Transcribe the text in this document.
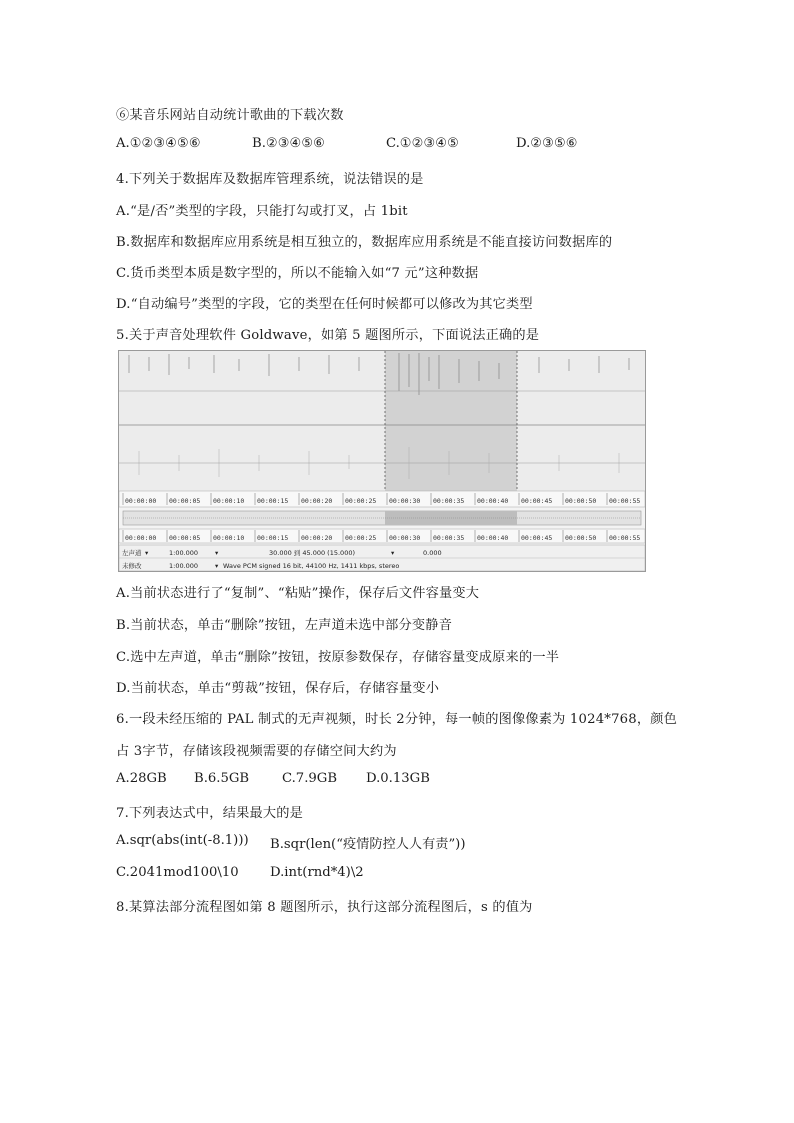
⑥某音乐网站自动统计歌曲的下载次数
A.①②③④⑤⑥	B.②③④⑤⑥	C.①②③④⑤	D.②③⑤⑥
4.下列关于数据库及数据库管理系统，说法错误的是
A.“是/否”类型的字段，只能打勾或打叉，占 1bit
B.数据库和数据库应用系统是相互独立的，数据库应用系统是不能直接访问数据库的
C.货币类型本质是数字型的，所以不能输入如“7 元”这种数据
D.“自动编号”类型的字段，它的类型在任何时候都可以修改为其它类型
5.关于声音处理软件 Goldwave，如第 5 题图所示，下面说法正确的是
00:00:00 00:00:05 00:00:10 00:00:15 00:00:20 00:00:25 00:00:30 00:00:35 00:00:40 00:00:45 00:00:50 00:00:55
00:00:00 00:00:05 00:00:10 00:00:15 00:00:20 00:00:25 00:00:30 00:00:35 00:00:40 00:00:45 00:00:50 00:00:55
左声道 ▾	1:00.000	▾	30.000 到 45.000 (15.000)	▾	0.000
未修改	1:00.000	▾ Wave PCM signed 16 bit, 44100 Hz, 1411 kbps, stereo
A.当前状态进行了“复制”、“粘贴”操作，保存后文件容量变大
B.当前状态，单击“删除”按钮，左声道未选中部分变静音
C.选中左声道，单击“删除”按钮，按原参数保存，存储容量变成原来的一半
D.当前状态，单击“剪裁”按钮，保存后，存储容量变小
6.一段未经压缩的 PAL 制式的无声视频，时长 2分钟，每一帧的图像像素为 1024*768，颜色
占 3字节，存储该段视频需要的存储空间大约为
A.28GB B.6.5GB C.7.9GB D.0.13GB
7.下列表达式中，结果最大的是
A.sqr(abs(int(-8.1))) B.sqr(len(“疫情防控人人有责”))
C.2041mod100\10 D.int(rnd*4)\2
8.某算法部分流程图如第 8 题图所示，执行这部分流程图后，s 的值为
